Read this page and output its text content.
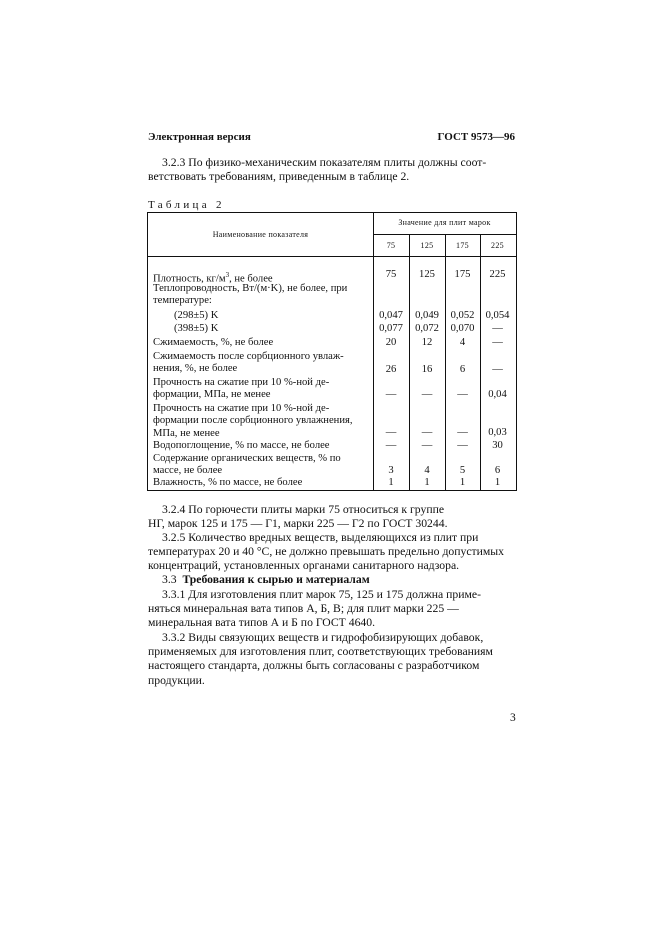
Электронная версия	ГОСТ 9573—96
3.2.3 По физико-механическим показателям плиты должны соот-
ветствовать требованиям, приведенным в таблице 2.
Таблица 2
Наименование показателя
Значение для плит марок
75	125	175	225
Плотность, $кг/м^3$, не более	75	125	175	225
Теплопроводность, Вт/(м·K), не более, при
температуре:
(298±5) K	0,047	0,049	0,052	0,054
(398±5) K	0,077	0,072	0,070	—
Сжимаемость, %, не более	20	12	4	—
Сжимаемость после сорбционного увлаж-
нения, %, не более	26	16	6	—
Прочность на сжатие при 10 %-ной де-
формации, МПа, не менее	—	—	—	0,04
Прочность на сжатие при 10 %-ной де-
формации после сорбционного увлажнения,
МПа, не менее	—	—	—	0,03
Водопоглощение, % по массе, не более	—	—	—	30
Содержание органических веществ, % по
массе, не более	3	4	5	6
Влажность, % по массе, не более	1	1	1	1
3.2.4 По горючести плиты марки 75 относиться к группе
НГ, марок 125 и 175 — Г1, марки 225 — Г2 по ГОСТ 30244.
3.2.5 Количество вредных веществ, выделяющихся из плит при
температурах 20 и 40 °С, не должно превышать предельно допустимых
концентраций, установленных органами санитарного надзора.
3.3 Требования к сырью и материалам
3.3.1 Для изготовления плит марок 75, 125 и 175 должна приме-
няться минеральная вата типов А, Б, В; для плит марки 225 —
минеральная вата типов А и Б по ГОСТ 4640.
3.3.2 Виды связующих веществ и гидрофобизирующих добавок,
применяемых для изготовления плит, соответствующих требованиям
настоящего стандарта, должны быть согласованы с разработчиком
продукции.
3
